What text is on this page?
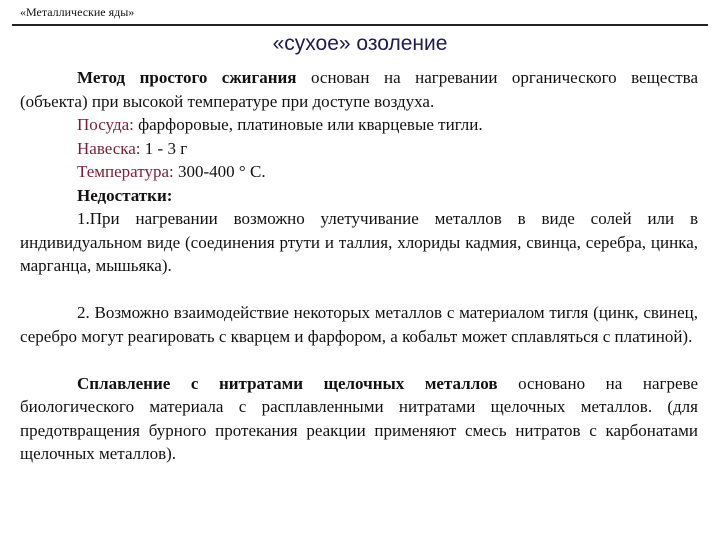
«Металлические яды»
«сухое» озоление

Метод простого сжигания основан на нагревании органического вещества (объекта) при высокой температуре при доступе воздуха.

Посуда: фарфоровые, платиновые или кварцевые тигли.

Навеска: 1 - 3 г

Температура: 300-400 ° С.

Недостатки:

1.При нагревании возможно улетучивание металлов в виде солей или в индивидуальном виде (соединения ртути и таллия, хлориды кадмия, свинца, серебра, цинка, марганца, мышьяка).

2. Возможно взаимодействие некоторых металлов с материалом тигля (цинк, свинец, серебро могут реагировать с кварцем и фарфором, а кобальт может сплавляться с платиной).

Сплавление с нитратами щелочных металлов основано на нагреве биологического материала с расплавленными нитратами щелочных металлов. (для предотвращения бурного протекания реакции применяют смесь нитратов с карбонатами щелочных металлов).
